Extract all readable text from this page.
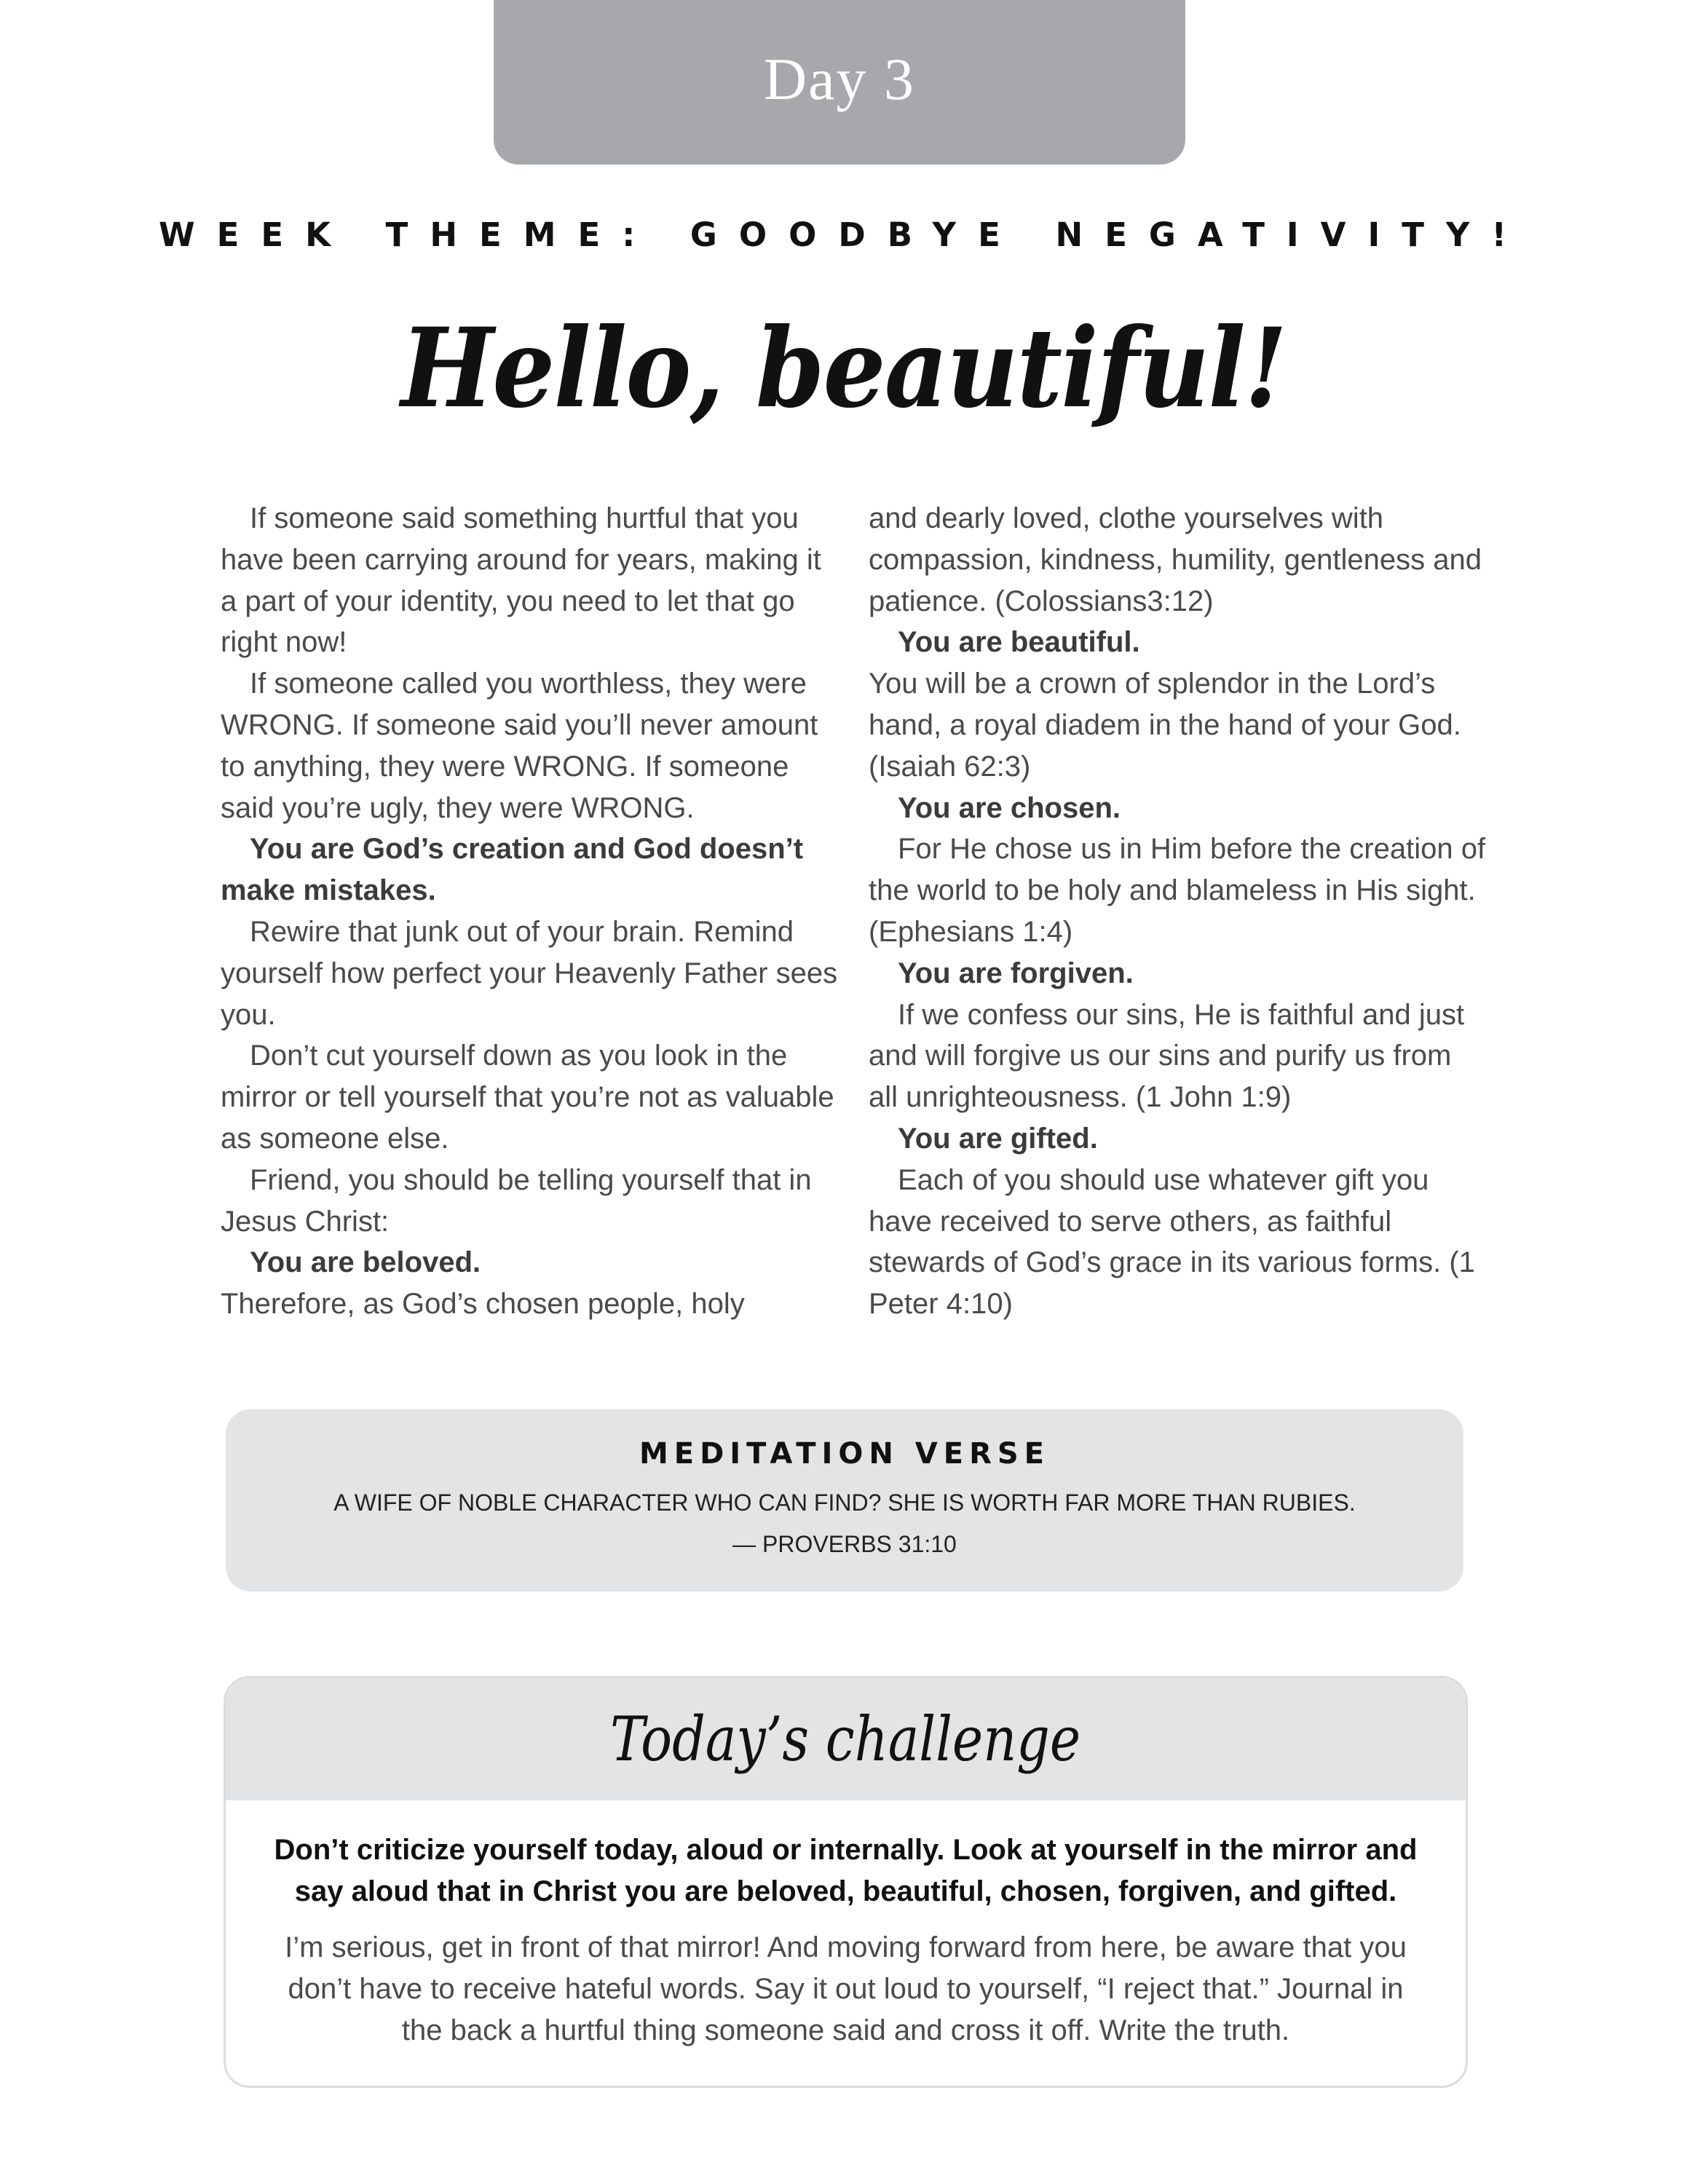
Day 3
WEEK THEME: GOODBYE NEGATIVITY!
Hello, beautiful!

If someone said something hurtful that you have been carrying around for years, making it a part of your identity, you need to let that go right now!

If someone called you worthless, they were WRONG. If someone said you’ll never amount to anything, they were WRONG. If someone said you’re ugly, they were WRONG.

You are God’s creation and God doesn’t make mistakes.

Rewire that junk out of your brain. Remind yourself how perfect your Heavenly Father sees you.

Don’t cut yourself down as you look in the mirror or tell yourself that you’re not as valuable as someone else.

Friend, you should be telling yourself that in Jesus Christ:

You are beloved.

Therefore, as God’s chosen people, holy

and dearly loved, clothe yourselves with compassion, kindness, humility, gentleness and patience. (Colossians3:12)

You are beautiful.

You will be a crown of splendor in the Lord’s hand, a royal diadem in the hand of your God. (Isaiah 62:3)

You are chosen.

For He chose us in Him before the creation of the world to be holy and blameless in His sight. (Ephesians 1:4)

You are forgiven.

If we confess our sins, He is faithful and just and will forgive us our sins and purify us from all unrighteousness. (1 John 1:9)

You are gifted.

Each of you should use whatever gift you have received to serve others, as faithful stewards of God’s grace in its various forms. (1 Peter 4:10)

MEDITATION VERSE
A WIFE OF NOBLE CHARACTER WHO CAN FIND? SHE IS WORTH FAR MORE THAN RUBIES.
— PROVERBS 31:10
Today’s challenge
Don’t criticize yourself today, aloud or internally. Look at yourself in the mirror and say aloud that in Christ you are beloved, beautiful, chosen, forgiven, and gifted.
I’m serious, get in front of that mirror! And moving forward from here, be aware that you don’t have to receive hateful words. Say it out loud to yourself, “I reject that.” Journal in the back a hurtful thing someone said and cross it off. Write the truth.
